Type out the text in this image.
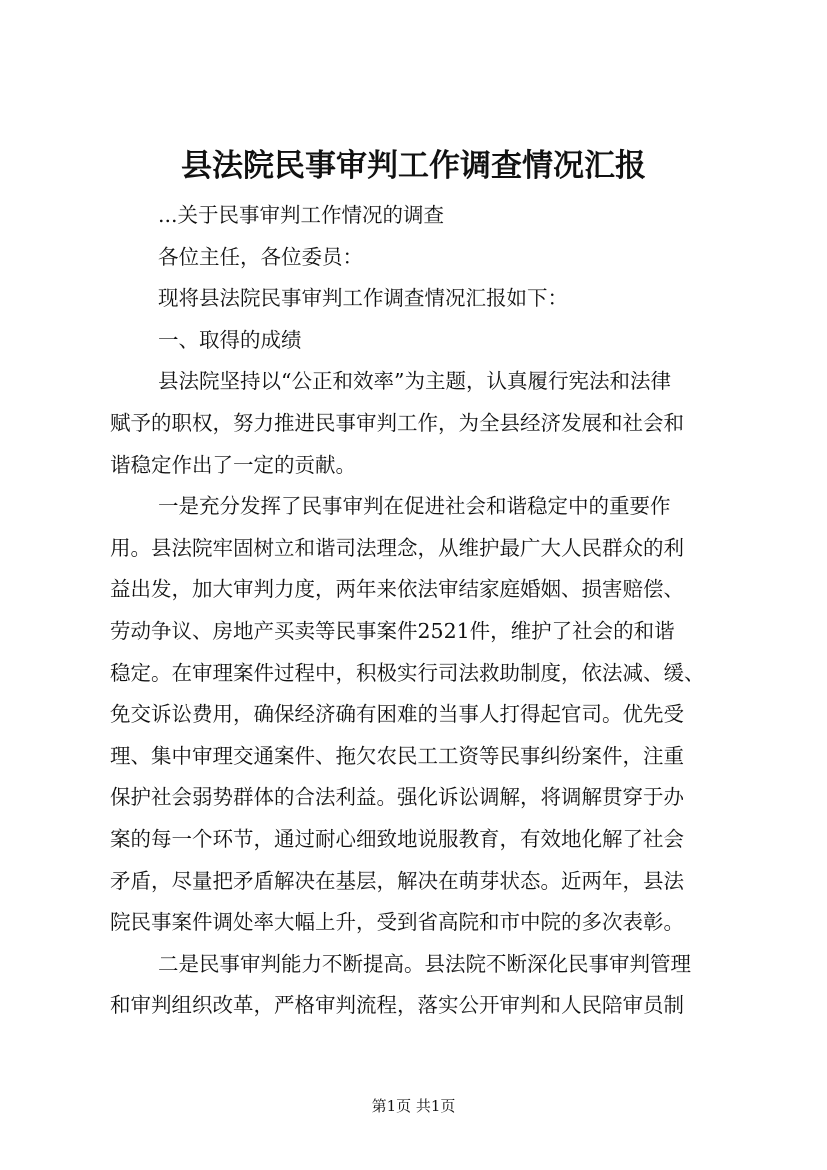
县法院民事审判工作调查情况汇报
...关于民事审判工作情况的调查
各位主任，各位委员：
现将县法院民事审判工作调查情况汇报如下：
一、取得的成绩
县法院坚持以“公正和效率”为主题，认真履行宪法和法律
赋予的职权，努力推进民事审判工作，为全县经济发展和社会和
谐稳定作出了一定的贡献。
一是充分发挥了民事审判在促进社会和谐稳定中的重要作
用。县法院牢固树立和谐司法理念，从维护最广大人民群众的利
益出发，加大审判力度，两年来依法审结家庭婚姻、损害赔偿、
劳动争议、房地产买卖等民事案件2521件，维护了社会的和谐
稳定。在审理案件过程中，积极实行司法救助制度，依法减、缓、
免交诉讼费用，确保经济确有困难的当事人打得起官司。优先受
理、集中审理交通案件、拖欠农民工工资等民事纠纷案件，注重
保护社会弱势群体的合法利益。强化诉讼调解，将调解贯穿于办
案的每一个环节，通过耐心细致地说服教育，有效地化解了社会
矛盾，尽量把矛盾解决在基层，解决在萌芽状态。近两年，县法
院民事案件调处率大幅上升，受到省高院和市中院的多次表彰。
二是民事审判能力不断提高。县法院不断深化民事审判管理
和审判组织改革，严格审判流程，落实公开审判和人民陪审员制
第1页 共1页
